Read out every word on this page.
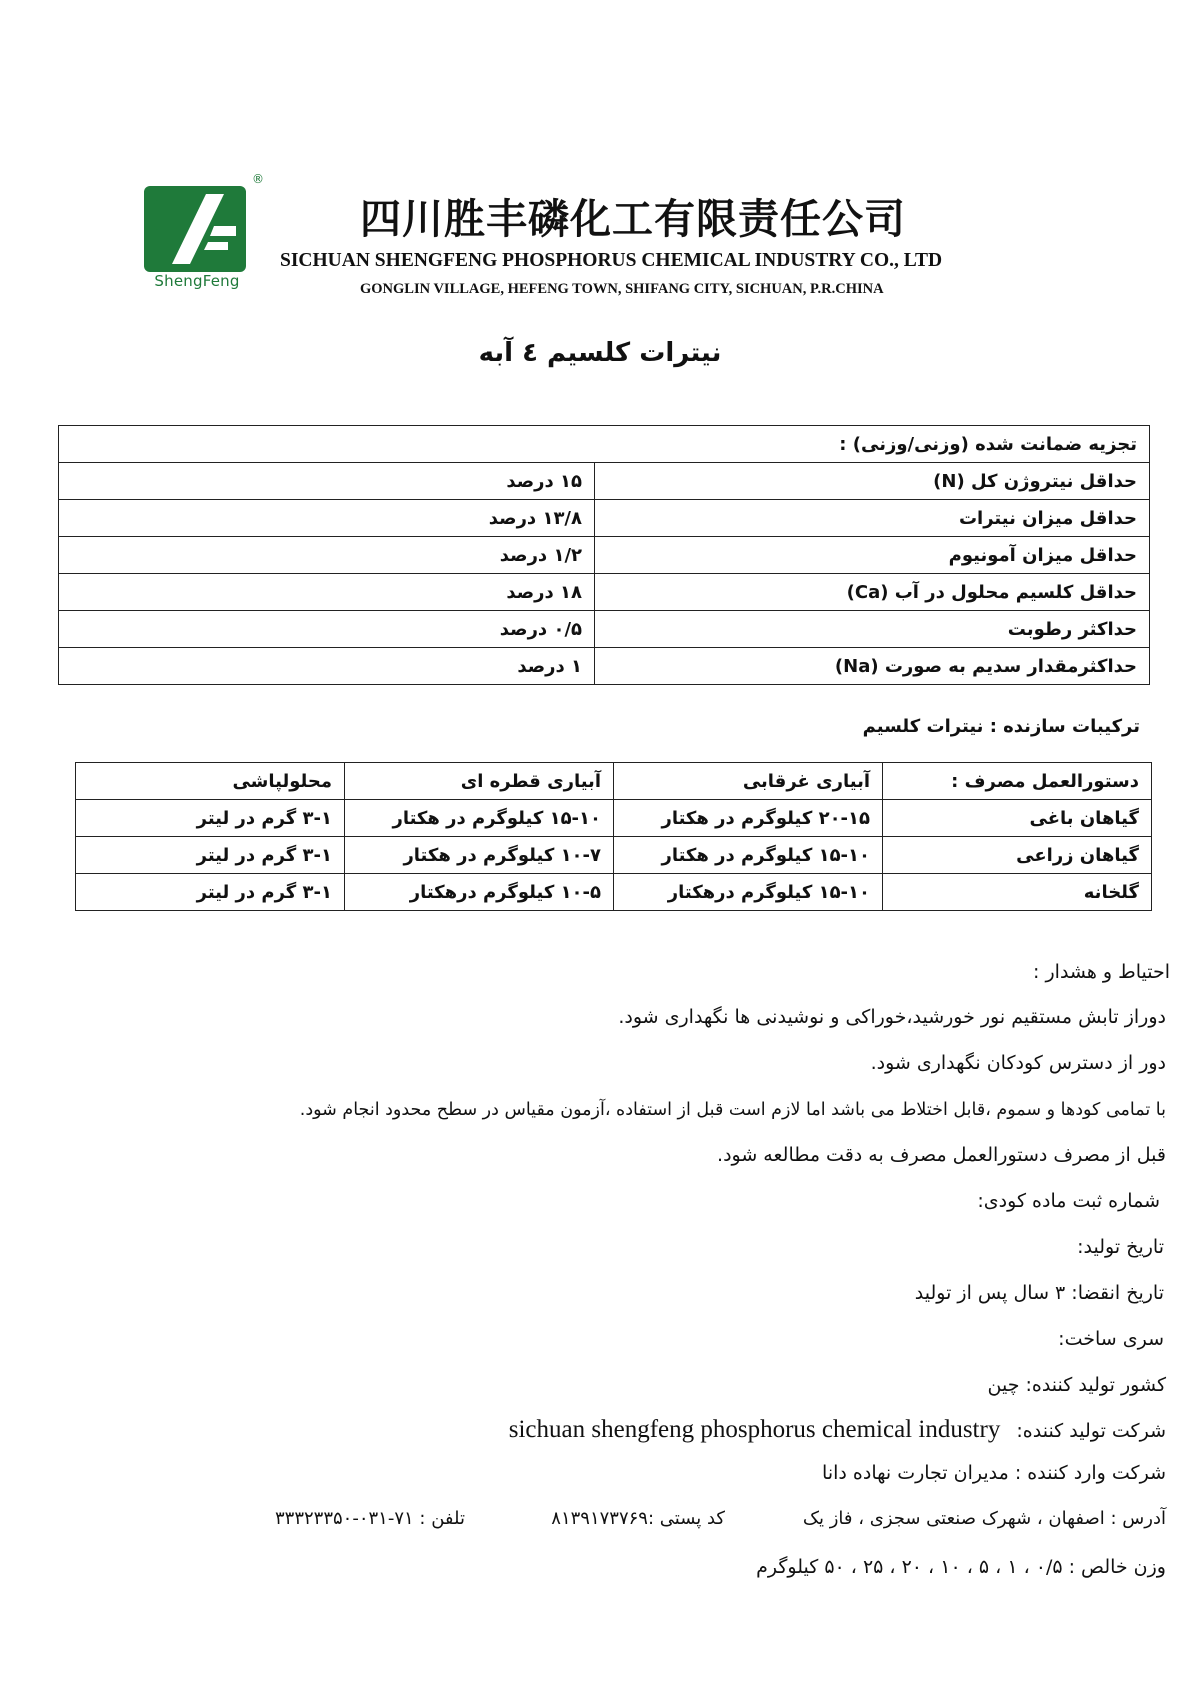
®
ShengFeng
四川胜丰磷化工有限责任公司
SICHUAN SHENGFENG PHOSPHORUS CHEMICAL INDUSTRY CO., LTD
GONGLIN VILLAGE, HEFENG TOWN, SHIFANG CITY, SICHUAN, P.R.CHINA
نیترات کلسیم ٤ آبه
تجزیه ضمانت شده (وزنی/وزنی) :	
حداقل نیتروژن کل (N)	۱۵ درصد
حداقل میزان نیترات	۱۳/۸ درصد
حداقل میزان آمونیوم	۱/۲ درصد
حداقل کلسیم محلول در آب (Ca)	۱۸ درصد
حداکثر رطوبت	۰/۵ درصد
حداکثرمقدار سدیم به صورت (Na)	۱ درصد
ترکیبات سازنده : نیترات کلسیم
دستورالعمل مصرف :	آبیاری غرقابی	آبیاری قطره ای	محلولپاشی
گیاهان باغی	۲۰-۱۵ کیلوگرم در هکتار	۱۵-۱۰ کیلوگرم در هکتار	۳-۱ گرم در لیتر
گیاهان زراعی	۱۵-۱۰ کیلوگرم در هکتار	۱۰-۷ کیلوگرم در هکتار	۳-۱ گرم در لیتر
گلخانه	۱۵-۱۰ کیلوگرم درهکتار	۱۰-۵ کیلوگرم درهکتار	۳-۱ گرم در لیتر
احتیاط و هشدار :
دوراز تابش مستقیم نور خورشید،خوراکی و نوشیدنی ها نگهداری شود.
دور از دسترس کودکان نگهداری شود.
با تمامی کودها و سموم ،قابل اختلاط می باشد اما لازم است قبل از استفاده ،آزمون مقیاس در سطح محدود انجام شود.
قبل از مصرف دستورالعمل مصرف به دقت مطالعه شود.
شماره ثبت ماده کودی:
تاریخ تولید:
تاریخ انقضا: ۳ سال پس از تولید
سری ساخت:
کشور تولید کننده: چین
شرکت تولید کننده: sichuan shengfeng phosphorus chemical industry
شرکت وارد کننده : مدیران تجارت نهاده دانا
آدرس : اصفهان ، شهرک صنعتی سجزی ، فاز یک
کد پستی :۸۱۳۹۱۷۳۷۶۹
تلفن : ۷۱-۰۳۱-۳۳۳۲۳۳۵۰
وزن خالص : ۰/۵ ، ۱ ، ۵ ، ۱۰ ، ۲۰ ، ۲۵ ، ۵۰ کیلوگرم
